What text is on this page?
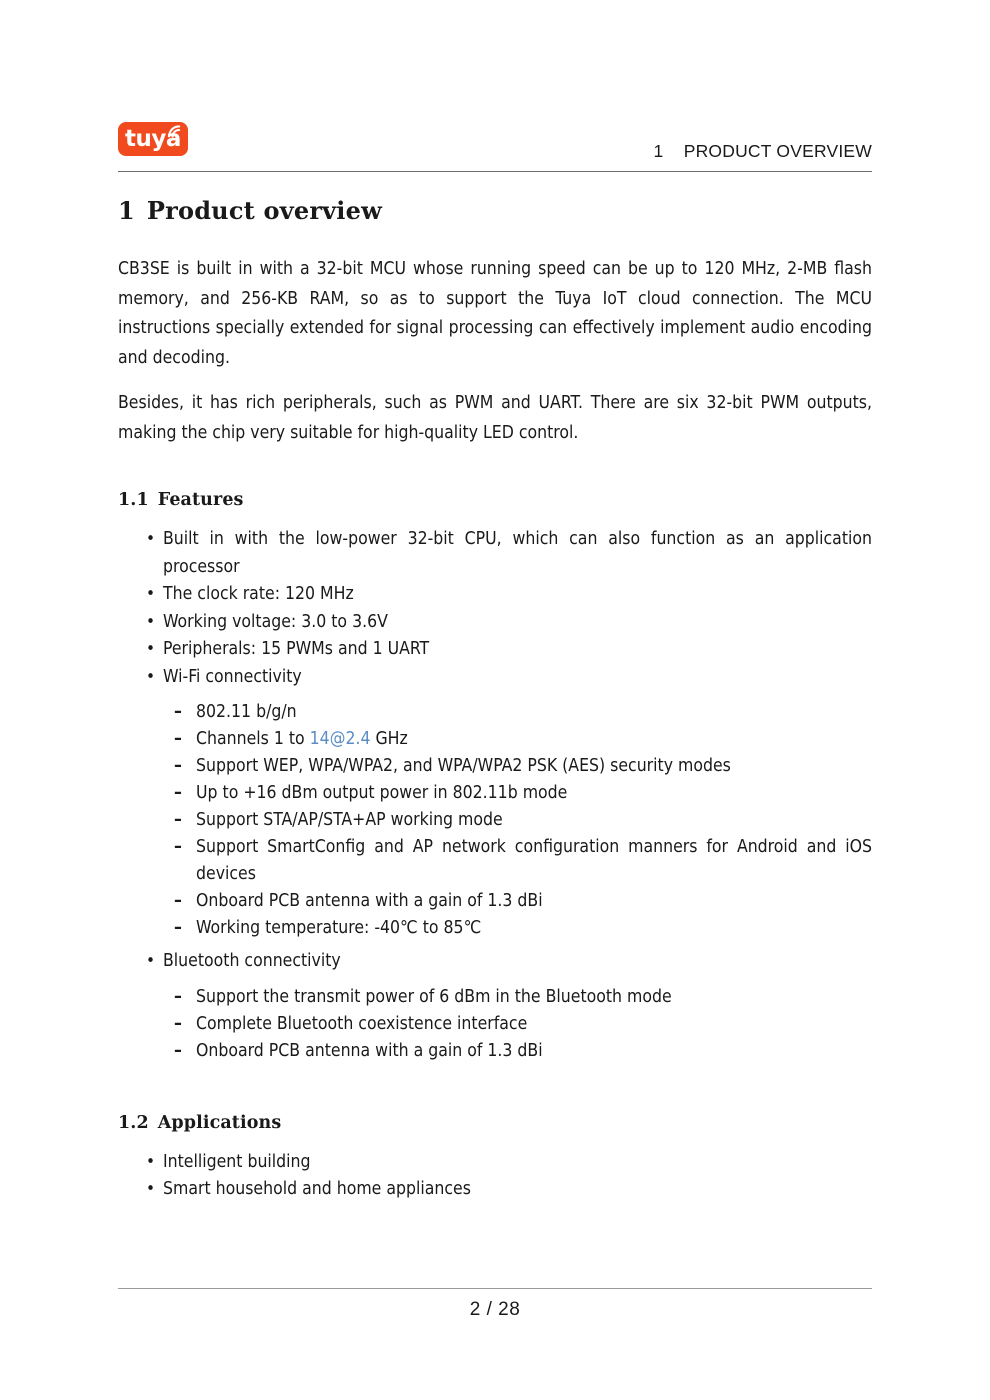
tuya	1    PRODUCT OVERVIEW
1 Product overview

CB3SE is built in with a 32-bit MCU whose running speed can be up to 120 MHz, 2-MB flash memory, and 256-KB RAM, so as to support the Tuya IoT cloud connection. The MCU instructions specially extended for signal processing can effectively implement audio encoding and decoding.

Besides, it has rich peripherals, such as PWM and UART. There are six 32-bit PWM outputs, making the chip very suitable for high-quality LED control.

1.1 Features
• Built in with the low-power 32-bit CPU, which can also function as an application processor
• The clock rate: 120 MHz
• Working voltage: 3.0 to 3.6V
• Peripherals: 15 PWMs and 1 UART
• Wi-Fi connectivity
– 802.11 b/g/n
– Channels 1 to 14@2.4 GHz
– Support WEP, WPA/WPA2, and WPA/WPA2 PSK (AES) security modes
– Up to +16 dBm output power in 802.11b mode
– Support STA/AP/STA+AP working mode
– Support SmartConfig and AP network configuration manners for Android and iOS devices
– Onboard PCB antenna with a gain of 1.3 dBi
– Working temperature: -40℃ to 85℃
• Bluetooth connectivity
– Support the transmit power of 6 dBm in the Bluetooth mode
– Complete Bluetooth coexistence interface
– Onboard PCB antenna with a gain of 1.3 dBi
1.2 Applications
• Intelligent building
• Smart household and home appliances
2 / 28
